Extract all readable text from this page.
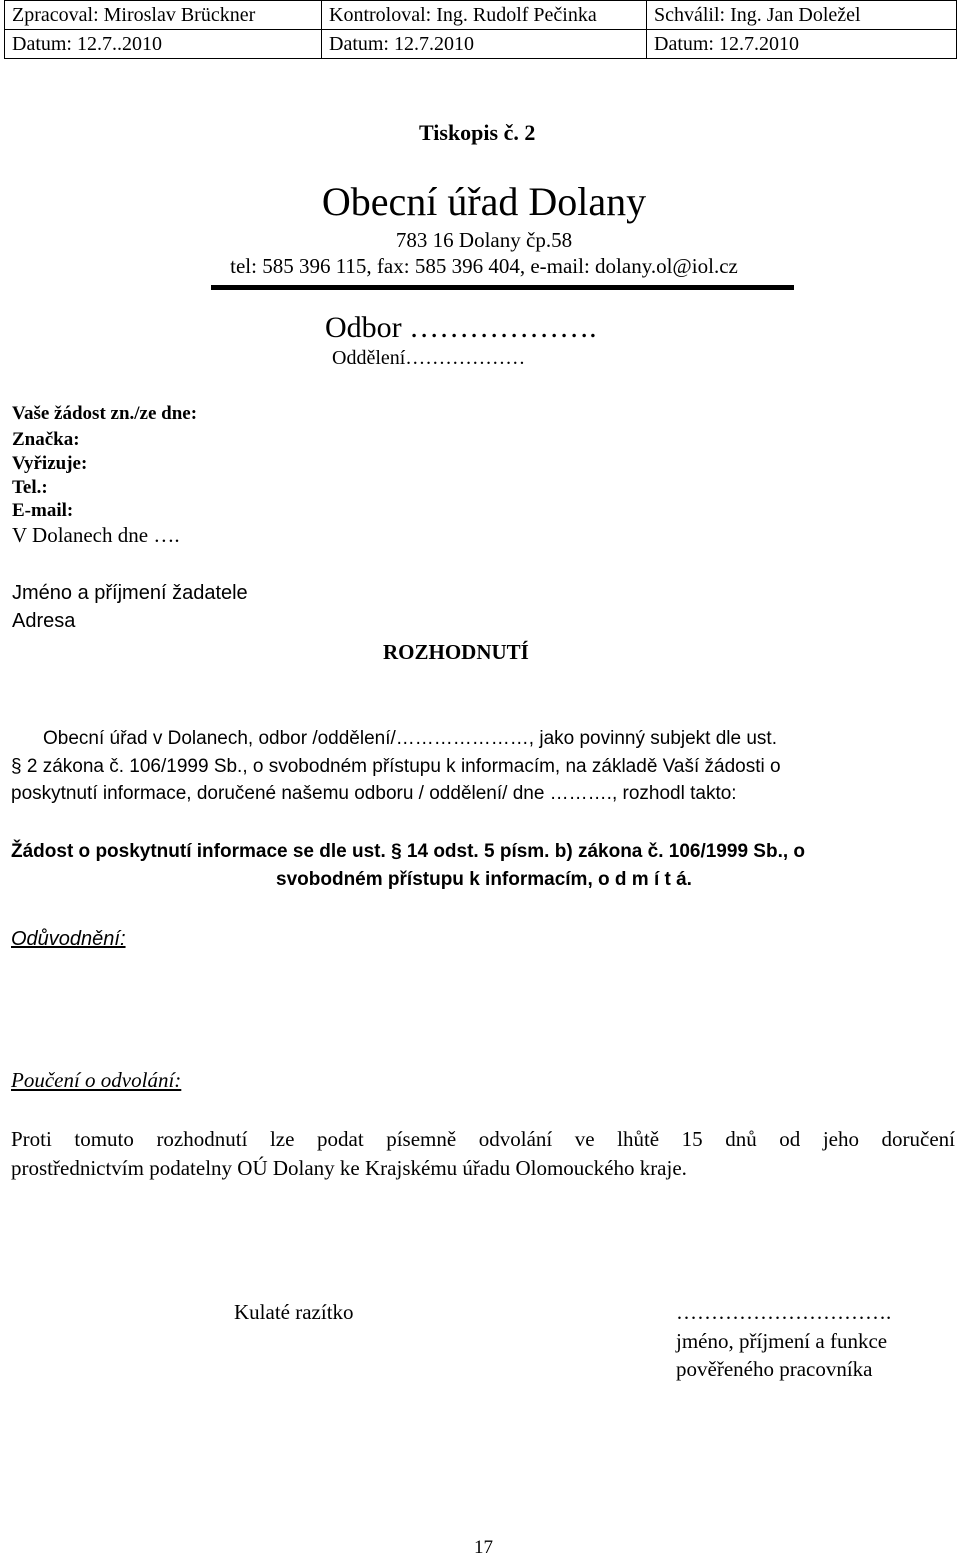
Zpracoval: Miroslav Brückner	Kontroloval: Ing. Rudolf Pečinka	Schválil: Ing. Jan Doležel
Datum: 12.7..2010	Datum: 12.7.2010	Datum: 12.7.2010
Tiskopis č. 2
Obecní úřad Dolany
783 16 Dolany čp.58
tel: 585 396 115, fax: 585 396 404, e-mail: dolany.ol@iol.cz
Odbor ……………….
Oddělení………………
Vaše žádost zn./ze dne:
Značka:
Vyřizuje:
Tel.:
E-mail:
V Dolanech dne ….
Jméno a příjmení žadatele
Adresa
ROZHODNUTÍ
Obecní úřad v Dolanech, odbor /oddělení/…………………, jako povinný subjekt dle ust.
§ 2 zákona č. 106/1999 Sb., o svobodném přístupu k informacím, na základě Vaší žádosti o
poskytnutí informace, doručené našemu odboru / oddělení/ dne ………., rozhodl takto:
Žádost o poskytnutí informace se dle ust. § 14 odst. 5 písm. b) zákona č. 106/1999 Sb., o
svobodném přístupu k informacím, o d m í t á.
Odůvodnění:
Poučení o odvolání:
Proti tomuto rozhodnutí lze podat písemně odvolání ve lhůtě 15 dnů od jeho doručení
prostřednictvím podatelny OÚ Dolany ke Krajskému úřadu Olomouckého kraje.
Kulaté razítko	………………………….
jméno, příjmení a funkce
pověřeného pracovníka
17
